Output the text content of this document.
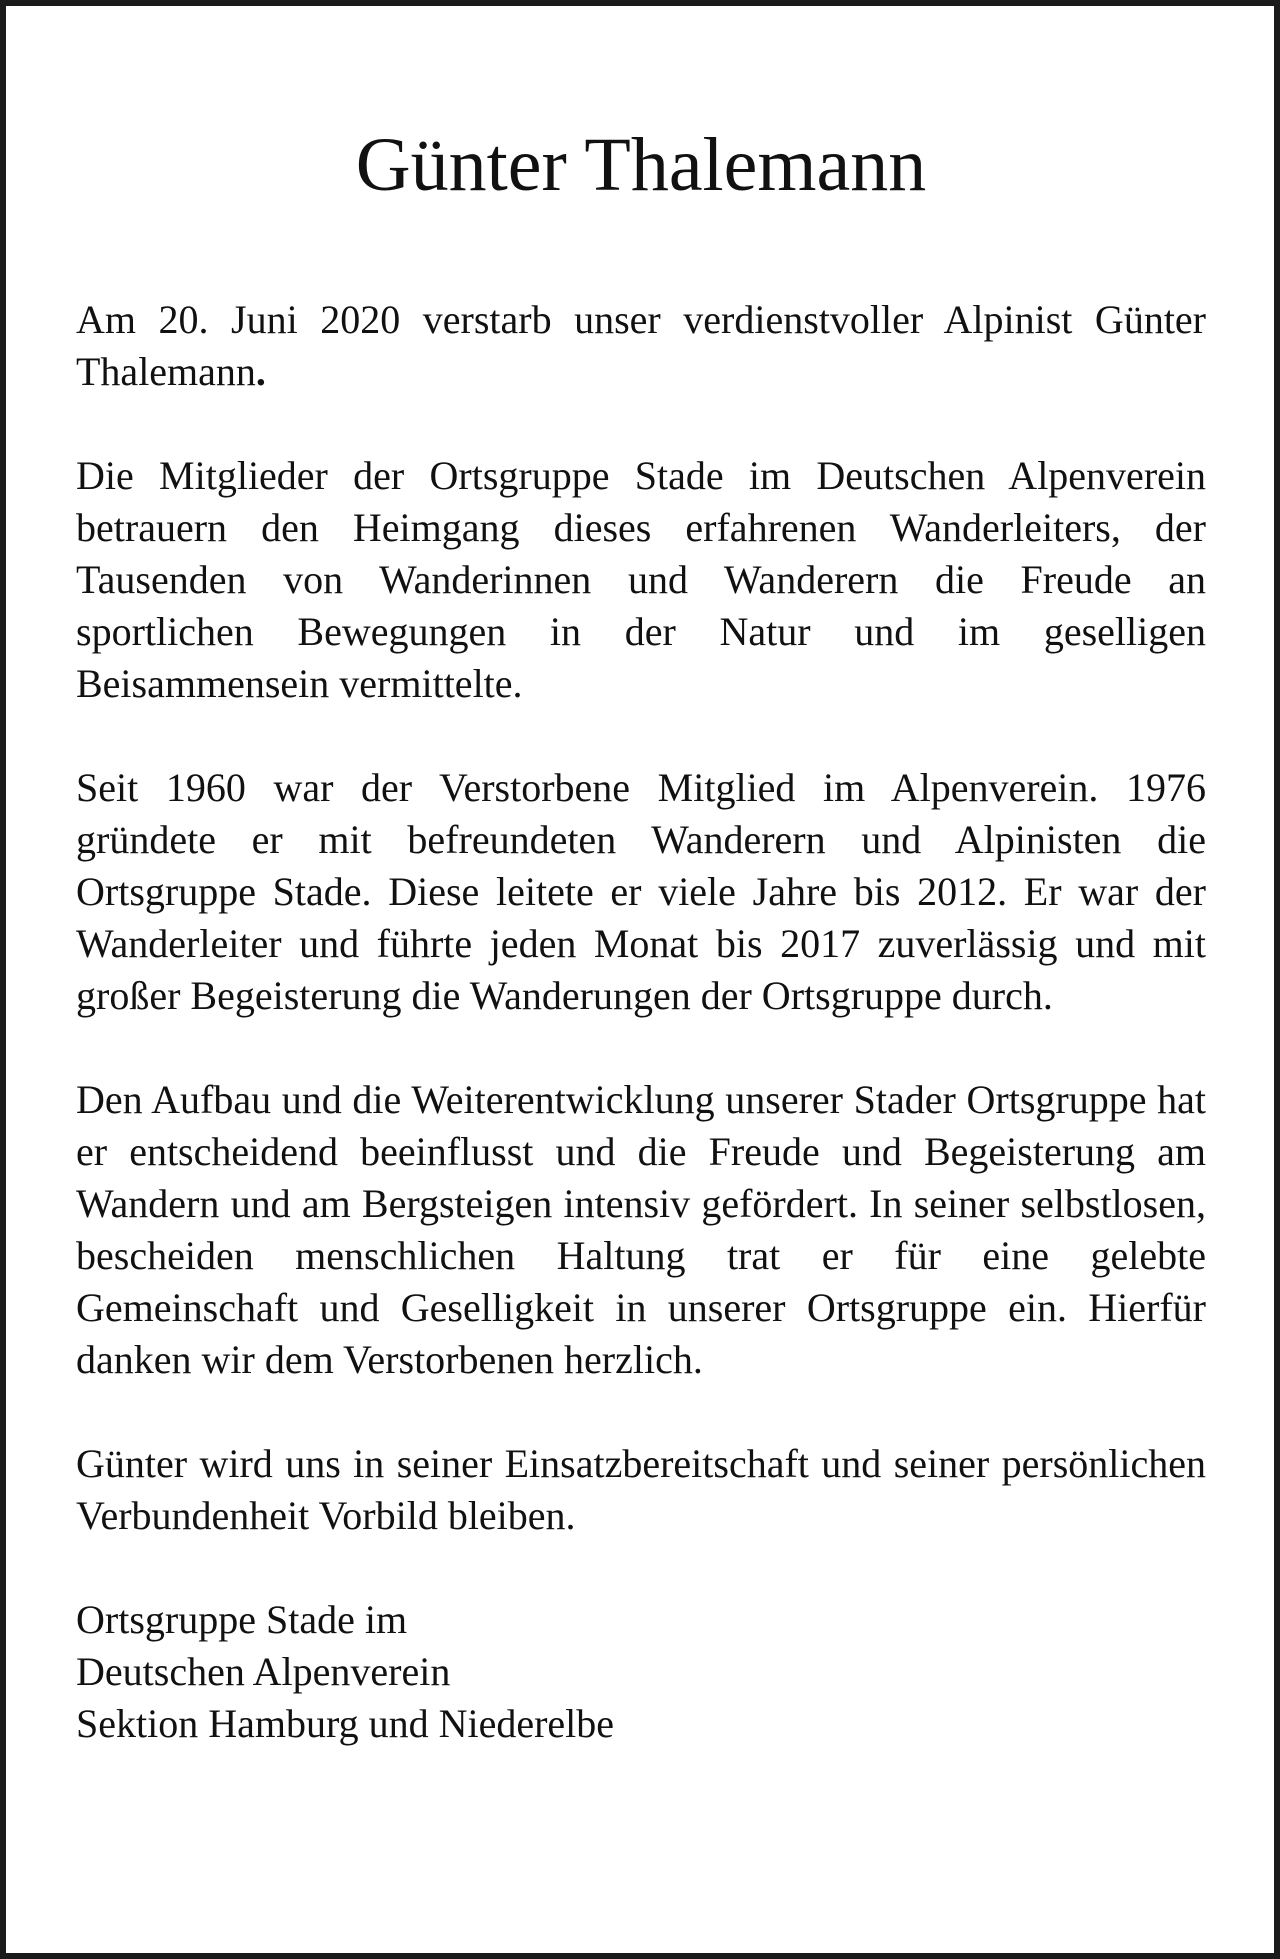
Günter Thalemann

Am 20. Juni 2020 verstarb unser verdienstvoller Alpinist Günter Thalemann.

Die Mitglieder der Ortsgruppe Stade im Deutschen Alpenverein betrauern den Heimgang dieses erfahrenen Wanderleiters, der Tausenden von Wanderinnen und Wanderern die Freude an sportlichen Bewegungen in der Natur und im geselligen Beisammensein vermittelte.

Seit 1960 war der Verstorbene Mitglied im Alpenverein. 1976 gründete er mit befreundeten Wanderern und Alpinisten die Ortsgruppe Stade. Diese leitete er viele Jahre bis 2012. Er war der Wanderleiter und führte jeden Monat bis 2017 zuverlässig und mit großer Begeisterung die Wanderungen der Ortsgruppe durch.

Den Aufbau und die Weiterentwicklung unserer Stader Ortsgruppe hat er entscheidend beeinflusst und die Freude und Begeisterung am Wandern und am Bergsteigen intensiv gefördert. In seiner selbstlosen, bescheiden menschlichen Haltung trat er für eine gelebte Gemeinschaft und Geselligkeit in unserer Ortsgruppe ein. Hierfür danken wir dem Verstorbenen herzlich.

Günter wird uns in seiner Einsatzbereitschaft und seiner persönlichen Verbundenheit Vorbild bleiben.

Ortsgruppe Stade im
Deutschen Alpenverein
Sektion Hamburg und Niederelbe
